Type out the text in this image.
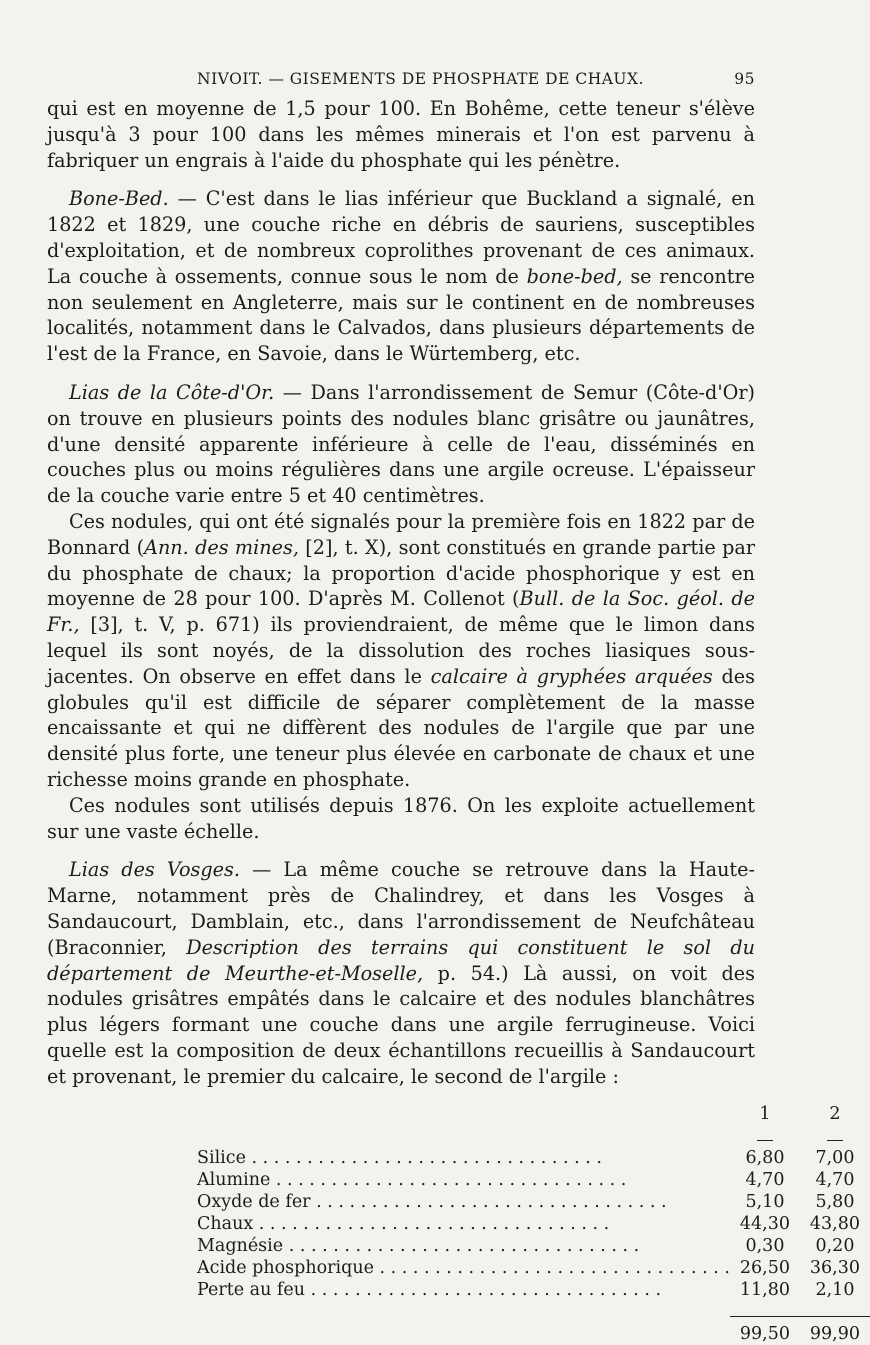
NIVOIT. — GISEMENTS DE PHOSPHATE DE CHAUX.	95

qui est en moyenne de 1,5 pour 100. En Bohême, cette teneur s'élève jusqu'à 3 pour 100 dans les mêmes minerais et l'on est parvenu à fabriquer un engrais à l'aide du phosphate qui les pénètre.

Bone-Bed. — C'est dans le lias inférieur que Buckland a signalé, en 1822 et 1829, une couche riche en débris de sauriens, susceptibles d'exploitation, et de nombreux coprolithes provenant de ces animaux. La couche à ossements, connue sous le nom de bone-bed, se rencontre non seulement en Angleterre, mais sur le continent en de nombreuses localités, notamment dans le Calvados, dans plusieurs départements de l'est de la France, en Savoie, dans le Würtemberg, etc.

Lias de la Côte-d'Or. — Dans l'arrondissement de Semur (Côte-d'Or) on trouve en plusieurs points des nodules blanc grisâtre ou jaunâtres, d'une densité apparente inférieure à celle de l'eau, disséminés en couches plus ou moins régulières dans une argile ocreuse. L'épaisseur de la couche varie entre 5 et 40 centimètres.

Ces nodules, qui ont été signalés pour la première fois en 1822 par de Bonnard (Ann. des mines, [2], t. X), sont constitués en grande partie par du phosphate de chaux; la proportion d'acide phosphorique y est en moyenne de 28 pour 100. D'après M. Collenot (Bull. de la Soc. géol. de Fr., [3], t. V, p. 671) ils proviendraient, de même que le limon dans lequel ils sont noyés, de la dissolution des roches liasiques sous-jacentes. On observe en effet dans le calcaire à gryphées arquées des globules qu'il est difficile de séparer complètement de la masse encaissante et qui ne diffèrent des nodules de l'argile que par une densité plus forte, une teneur plus élevée en carbonate de chaux et une richesse moins grande en phosphate.

Ces nodules sont utilisés depuis 1876. On les exploite actuellement sur une vaste échelle.

Lias des Vosges. — La même couche se retrouve dans la Haute-Marne, notamment près de Chalindrey, et dans les Vosges à Sandaucourt, Damblain, etc., dans l'arrondissement de Neufchâteau (Braconnier, Description des terrains qui constituent le sol du département de Meurthe-et-Moselle, p. 54.) Là aussi, on voit des nodules grisâtres empâtés dans le calcaire et des nodules blanchâtres plus légers formant une couche dans une argile ferrugineuse. Voici quelle est la composition de deux échantillons recueillis à Sandaucourt et provenant, le premier du calcaire, le second de l'argile :

	1	2

Silice . . .	6,80	7,00
Alumine . . .	4,70	4,70
Oxyde de fer . . .	5,10	5,80
Chaux . . .	44,30	43,80
Magnésie . . .	0,30	0,20
Acide phosphorique . . .	26,50	36,30
Perte au feu . . .	11,80	2,10

	99,50	99,90
